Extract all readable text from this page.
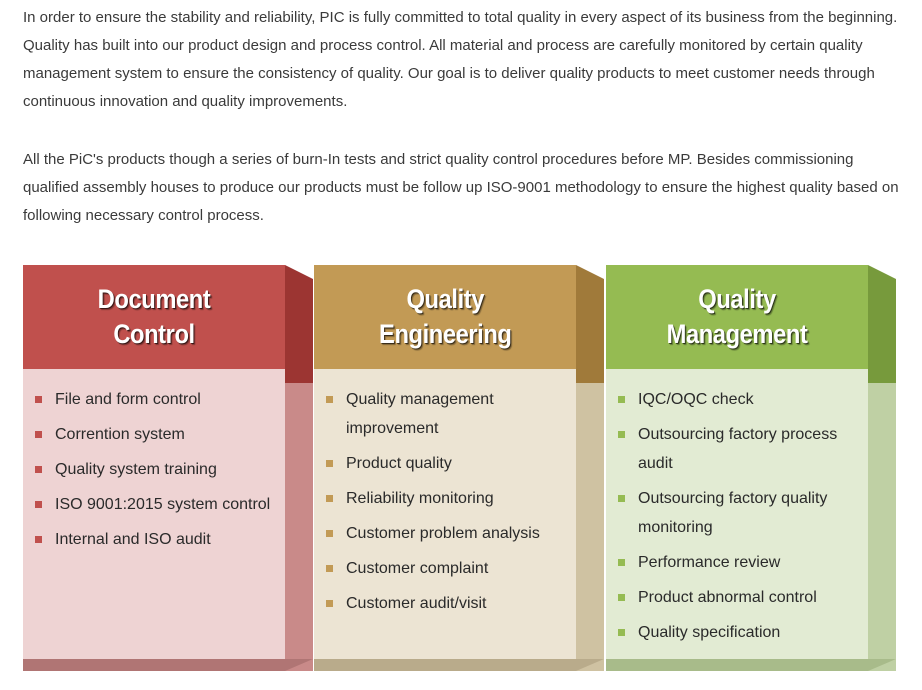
In order to ensure the stability and reliability, PIC is fully committed to total quality in every aspect of its business from the beginning. Quality has built into our product design and process control. All material and process are carefully monitored by certain quality management system to ensure the consistency of quality. Our goal is to deliver quality products to meet customer needs through continuous innovation and quality improvements.

All the PiC's products though a series of burn-In tests and strict quality control procedures before MP. Besides commissioning qualified assembly houses to produce our products must be follow up ISO-9001 methodology to ensure the highest quality based on following necessary control process.

Document
Control
File and form control
Corrention system
Quality system training
ISO 9001:2015 system control
Internal and ISO audit
Quality
Engineering
Quality management improvement
Product quality
Reliability monitoring
Customer problem analysis
Customer complaint
Customer audit/visit
Quality
Management
IQC/OQC check
Outsourcing factory process audit
Outsourcing factory quality monitoring
Performance review
Product abnormal control
Quality specification
